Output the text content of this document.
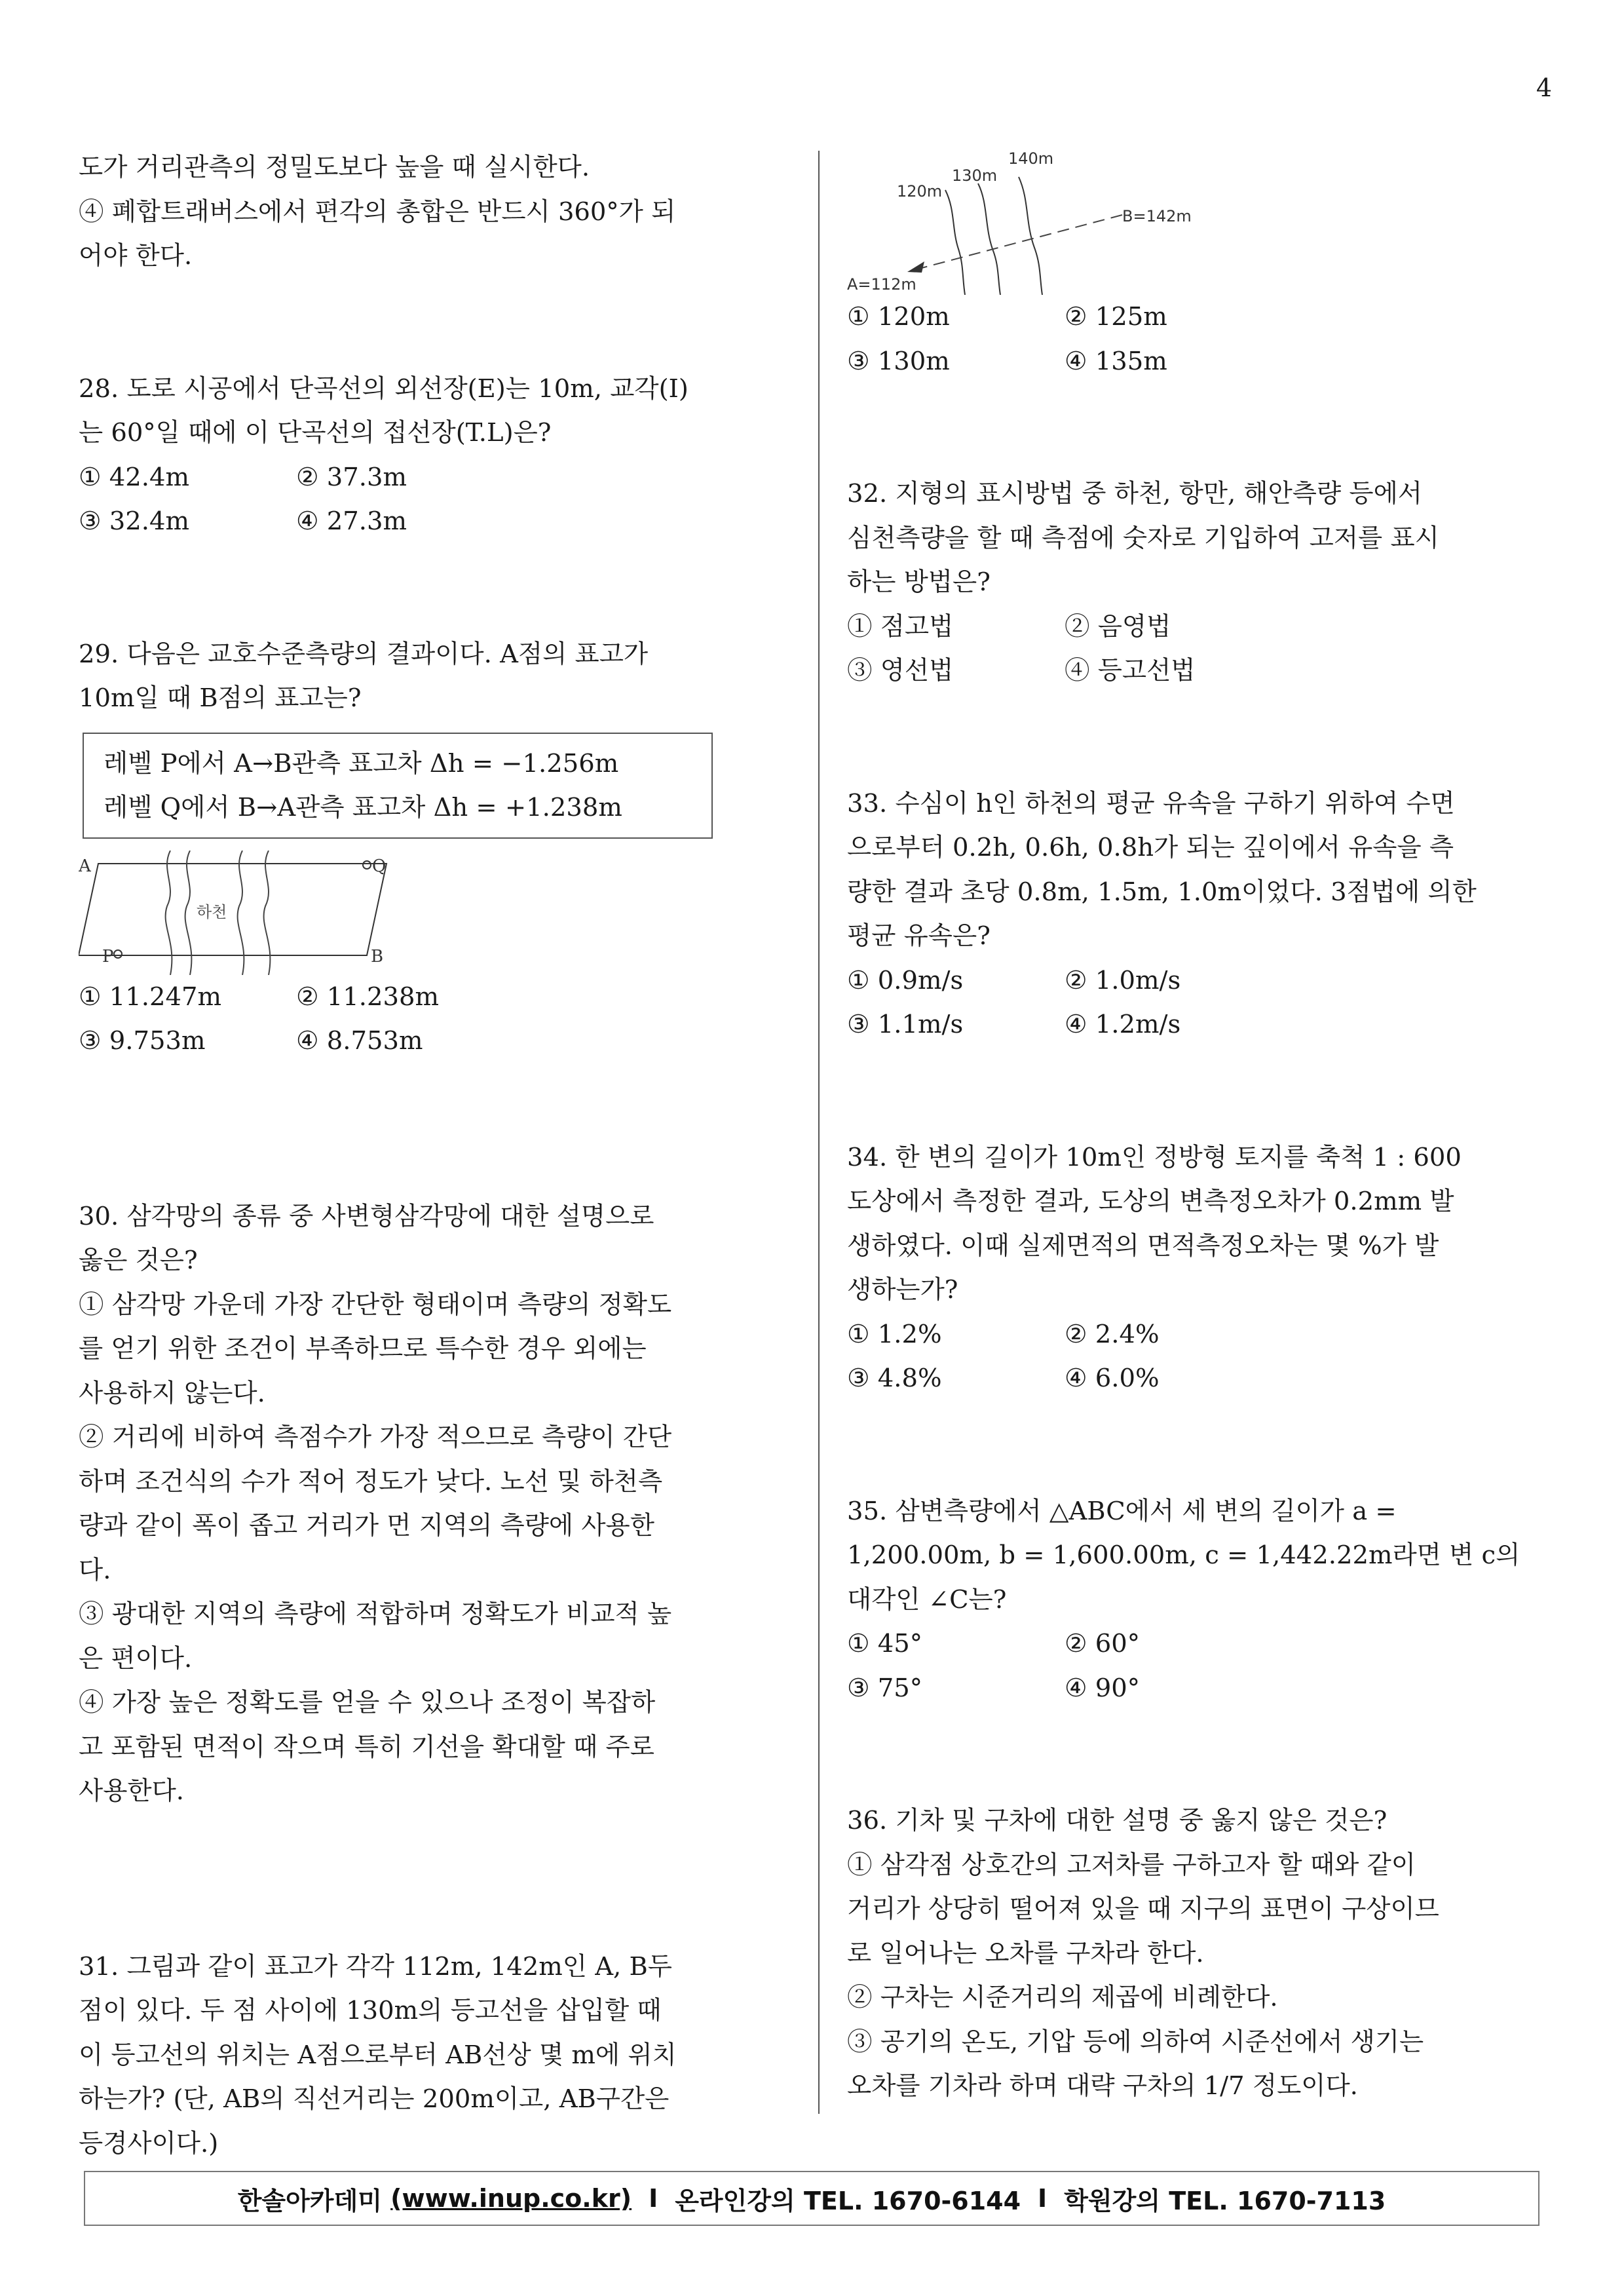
4

도가 거리관측의 정밀도보다 높을 때 실시한다.

④ 폐합트래버스에서 편각의 총합은 반드시 360°가 되

어야 한다.

28. 도로 시공에서 단곡선의 외선장(E)는 10m, 교각(I)

는 60°일 때에 이 단곡선의 접선장(T.L)은?

① 42.4m	② 37.3m
③ 32.4m	④ 27.3m

29. 다음은 교호수준측량의 결과이다. A점의 표고가

10m일 때 B점의 표고는?

레벨 P에서 A→B관측 표고차 Δh = −1.256m
레벨 Q에서 B→A관측 표고차 Δh = +1.238m
A	Q
P	B
하천
① 11.247m	② 11.238m
③ 9.753m	④ 8.753m

30. 삼각망의 종류 중 사변형삼각망에 대한 설명으로

옳은 것은?

① 삼각망 가운데 가장 간단한 형태이며 측량의 정확도

를 얻기 위한 조건이 부족하므로 특수한 경우 외에는

사용하지 않는다.

② 거리에 비하여 측점수가 가장 적으므로 측량이 간단

하며 조건식의 수가 적어 정도가 낮다. 노선 및 하천측

량과 같이 폭이 좁고 거리가 먼 지역의 측량에 사용한

다.

③ 광대한 지역의 측량에 적합하며 정확도가 비교적 높

은 편이다.

④ 가장 높은 정확도를 얻을 수 있으나 조정이 복잡하

고 포함된 면적이 작으며 특히 기선을 확대할 때 주로

사용한다.

31. 그림과 같이 표고가 각각 112m, 142m인 A, B두

점이 있다. 두 점 사이에 130m의 등고선을 삽입할 때

이 등고선의 위치는 A점으로부터 AB선상 몇 m에 위치

하는가? (단, AB의 직선거리는 200m이고, AB구간은

등경사이다.)

140m
130m
120m
B=142m
A=112m
① 120m	② 125m
③ 130m	④ 135m

32. 지형의 표시방법 중 하천, 항만, 해안측량 등에서

심천측량을 할 때 측점에 숫자로 기입하여 고저를 표시

하는 방법은?

① 점고법	② 음영법
③ 영선법	④ 등고선법

33. 수심이 h인 하천의 평균 유속을 구하기 위하여 수면

으로부터 0.2h, 0.6h, 0.8h가 되는 깊이에서 유속을 측

량한 결과 초당 0.8m, 1.5m, 1.0m이었다. 3점법에 의한

평균 유속은?

① 0.9m/s	② 1.0m/s
③ 1.1m/s	④ 1.2m/s

34. 한 변의 길이가 10m인 정방형 토지를 축척 1 : 600

도상에서 측정한 결과, 도상의 변측정오차가 0.2mm 발

생하였다. 이때 실제면적의 면적측정오차는 몇 %가 발

생하는가?

① 1.2%	② 2.4%
③ 4.8%	④ 6.0%

35. 삼변측량에서 △ABC에서 세 변의 길이가 a =

1,200.00m, b = 1,600.00m, c = 1,442.22m라면 변 c의

대각인 ∠C는?

① 45°	② 60°
③ 75°	④ 90°

36. 기차 및 구차에 대한 설명 중 옳지 않은 것은?

① 삼각점 상호간의 고저차를 구하고자 할 때와 같이

거리가 상당히 떨어져 있을 때 지구의 표면이 구상이므

로 일어나는 오차를 구차라 한다.

② 구차는 시준거리의 제곱에 비례한다.

③ 공기의 온도, 기압 등에 의하여 시준선에서 생기는

오차를 기차라 하며 대략 구차의 1/7 정도이다.

한솔아카데미
(www.inup.co.kr) I 온라인강의 TEL. 1670-6144 I 학원강의 TEL. 1670-7113
